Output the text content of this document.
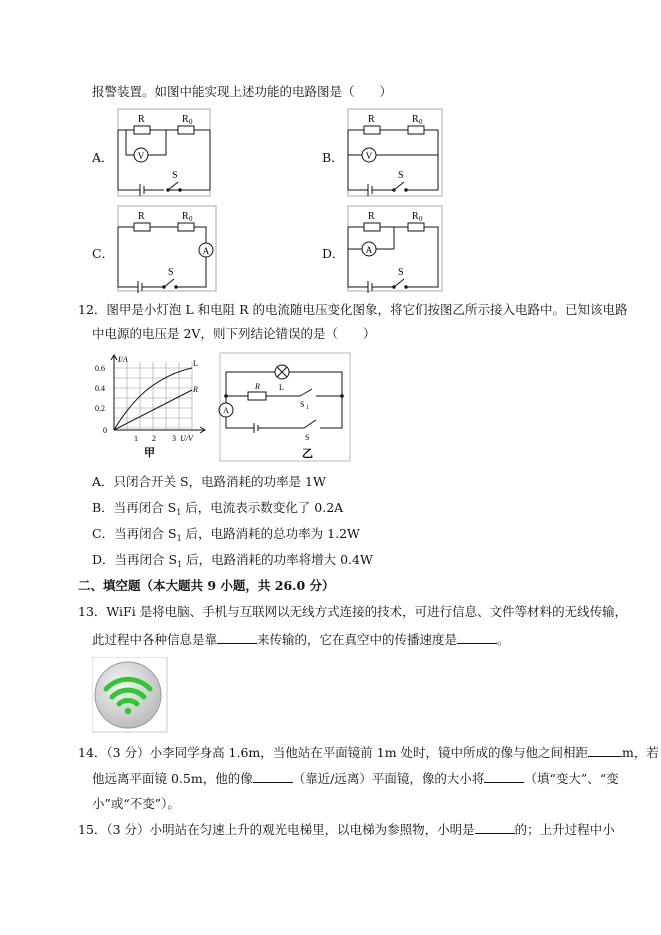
报警装置。如图中能实现上述功能的电路图是（　　）
A．	B．
C．	D．
V
R	R 0
S
V
R	R 0
S
A
R	R 0
S
A
R	R 0
S
12．图甲是小灯泡 L 和电阻 R 的电流随电压变化图象，将它们按图乙所示接入电路中。已知该电路
中电源的电压是 2V，则下列结论错误的是（　　）
I/A
0.6
0.4
0.2
0
1 2 3 U/V
L
R
甲
A
L
R
S 1
S
乙
A．只闭合开关 S，电路消耗的功率是 1W
B．当再闭合 $S_1$ 后，电流表示数变化了 0.2A
C．当再闭合 $S_1$ 后，电路消耗的总功率为 1.2W
D．当再闭合 $S_1$ 后，电路消耗的功率将增大 0.4W
二、填空题（本大题共 9 小题，共 26.0 分）
13．WiFi 是将电脑、手机与互联网以无线方式连接的技术，可进行信息、文件等材料的无线传输，
此过程中各种信息是靠	来传输的，它在真空中的传播速度是	。
14．（3 分）小李同学身高 1.6m，当他站在平面镜前 1m 处时，镜中所成的像与他之间相距	m，若
他远离平面镜 0.5m，他的像	（靠近/远离）平面镜，像的大小将	（填“变大”、“变
小”或“不变”）。
15．（3 分）小明站在匀速上升的观光电梯里，以电梯为参照物，小明是	的；上升过程中小
